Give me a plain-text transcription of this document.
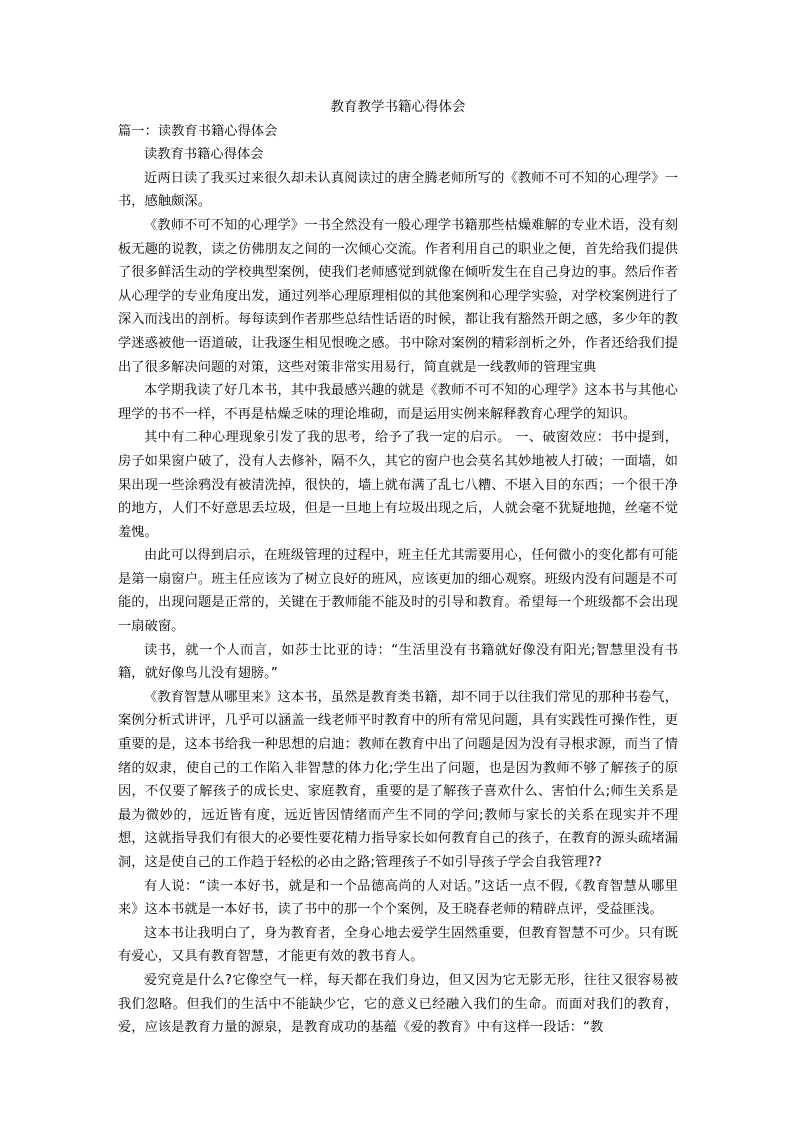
教育教学书籍心得体会

篇一：读教育书籍心得体会

读教育书籍心得体会

近两日读了我买过来很久却未认真阅读过的唐全腾老师所写的《教师不可不知的心理学》一书，感触颇深。

《教师不可不知的心理学》一书全然没有一般心理学书籍那些枯燥难解的专业术语，没有刻板无趣的说教，读之仿佛朋友之间的一次倾心交流。作者利用自己的职业之便，首先给我们提供了很多鲜活生动的学校典型案例，使我们老师感觉到就像在倾听发生在自己身边的事。然后作者从心理学的专业角度出发，通过列举心理原理相似的其他案例和心理学实验，对学校案例进行了深入而浅出的剖析。每每读到作者那些总结性话语的时候，都让我有豁然开朗之感，多少年的教学迷惑被他一语道破，让我逐生相见恨晚之感。书中除对案例的精彩剖析之外，作者还给我们提出了很多解决问题的对策，这些对策非常实用易行，简直就是一线教师的管理宝典

本学期我读了好几本书，其中我最感兴趣的就是《教师不可不知的心理学》这本书与其他心理学的书不一样，不再是枯燥乏味的理论堆砌，而是运用实例来解释教育心理学的知识。

其中有二种心理现象引发了我的思考，给予了我一定的启示。 一、破窗效应：书中提到，房子如果窗户破了，没有人去修补，隔不久，其它的窗户也会莫名其妙地被人打破；一面墙，如果出现一些涂鸦没有被清洗掉，很快的，墙上就布满了乱七八糟、不堪入目的东西；一个很干净的地方，人们不好意思丢垃圾，但是一旦地上有垃圾出现之后，人就会毫不犹疑地抛，丝毫不觉羞愧。

由此可以得到启示，在班级管理的过程中，班主任尤其需要用心，任何微小的变化都有可能是第一扇窗户。班主任应该为了树立良好的班风，应该更加的细心观察。班级内没有问题是不可能的，出现问题是正常的，关键在于教师能不能及时的引导和教育。希望每一个班级都不会出现一扇破窗。

读书，就一个人而言，如莎士比亚的诗：“生活里没有书籍就好像没有阳光;智慧里没有书籍，就好像鸟儿没有翅膀。”

《教育智慧从哪里来》这本书，虽然是教育类书籍，却不同于以往我们常见的那种书卷气，案例分析式讲评，几乎可以涵盖一线老师平时教育中的所有常见问题，具有实践性可操作性，更重要的是，这本书给我一种思想的启迪：教师在教育中出了问题是因为没有寻根求源，而当了情绪的奴隶，使自己的工作陷入非智慧的体力化;学生出了问题，也是因为教师不够了解孩子的原因，不仅要了解孩子的成长史、家庭教育，重要的是了解孩子喜欢什么、害怕什么;师生关系是最为微妙的，远近皆有度，远近皆因情绪而产生不同的学问;教师与家长的关系在现实并不理想，这就指导我们有很大的必要性要花精力指导家长如何教育自己的孩子，在教育的源头疏堵漏洞，这是使自己的工作趋于轻松的必由之路;管理孩子不如引导孩子学会自我管理??

有人说：“读一本好书，就是和一个品德高尚的人对话。”这话一点不假,《教育智慧从哪里来》这本书就是一本好书，读了书中的那一个个案例，及王晓春老师的精辟点评，受益匪浅。

这本书让我明白了，身为教育者，全身心地去爱学生固然重要，但教育智慧不可少。只有既有爱心，又具有教育智慧，才能更有效的教书育人。

爱究竟是什么?它像空气一样，每天都在我们身边，但又因为它无影无形，往往又很容易被我们忽略。但我们的生活中不能缺少它，它的意义已经融入我们的生命。而面对我们的教育，爱，应该是教育力量的源泉，是教育成功的基蕴《爱的教育》中有这样一段话：“教
